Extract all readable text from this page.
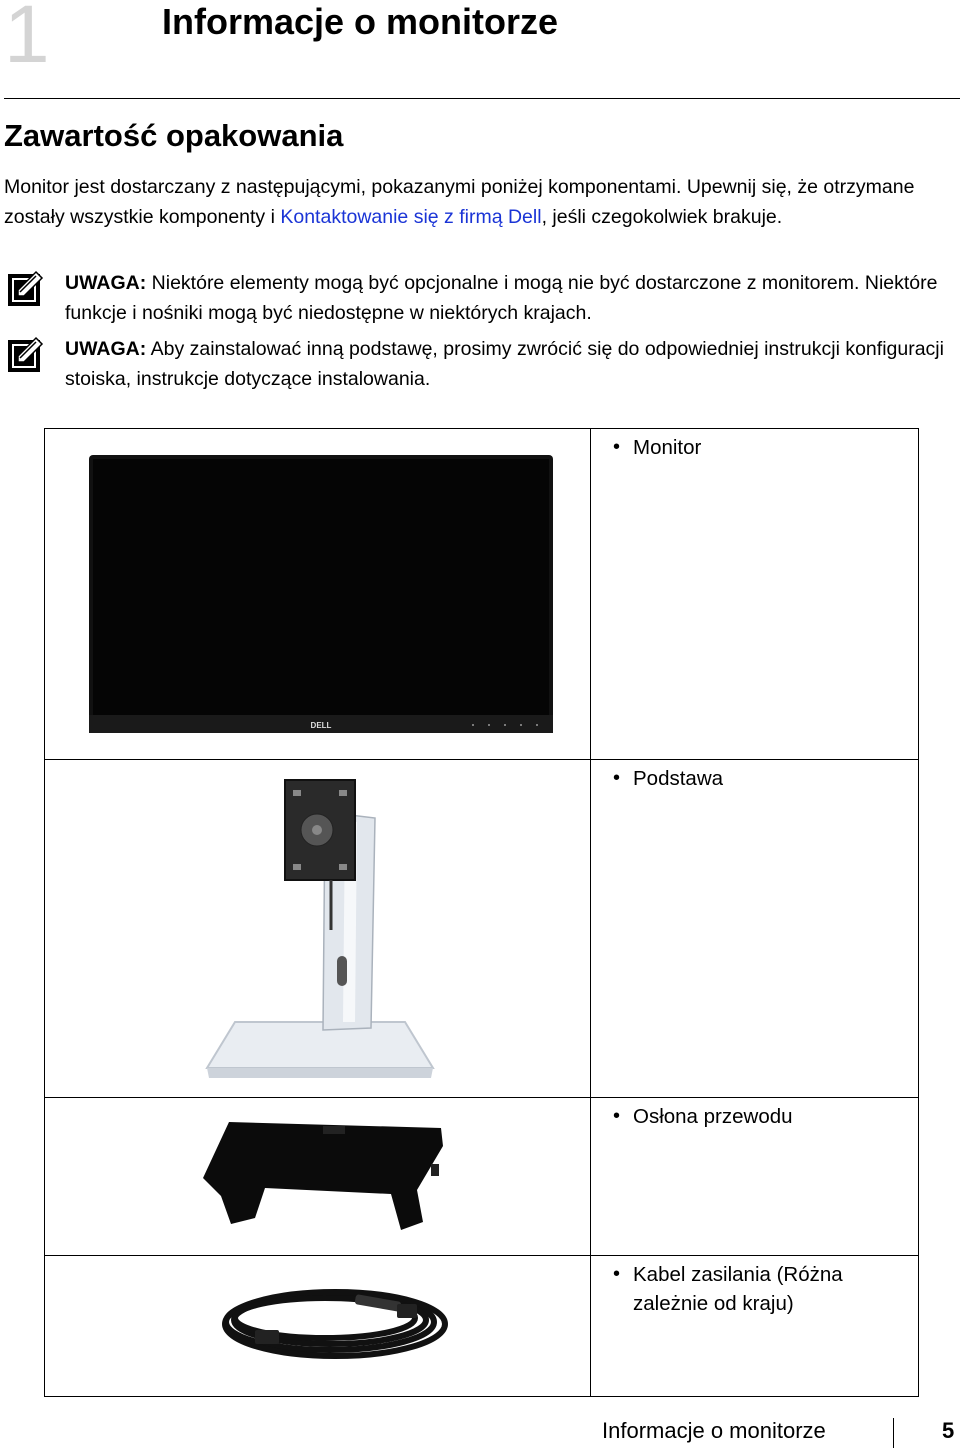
1	Informacje o monitorze
Zawartość opakowania
Monitor jest dostarczany z następującymi, pokazanymi poniżej komponentami. Upewnij się, że otrzymane zostały wszystkie komponenty i Kontaktowanie się z firmą Dell, jeśli czegokolwiek brakuje.
UWAGA: Niektóre elementy mogą być opcjonalne i mogą nie być dostarczone z monitorem. Niektóre funkcje i nośniki mogą być niedostępne w niektórych krajach.
UWAGA: Aby zainstalować inną podstawę, prosimy zwrócić się do odpowiedniej instrukcji konfiguracji stoiska, instrukcje dotyczące instalowania.
DELL	• Monitor

• Podstawa

• Osłona przewodu

• Kabel zasilania (Różna zależnie od kraju)
Informacje o monitorze	5
